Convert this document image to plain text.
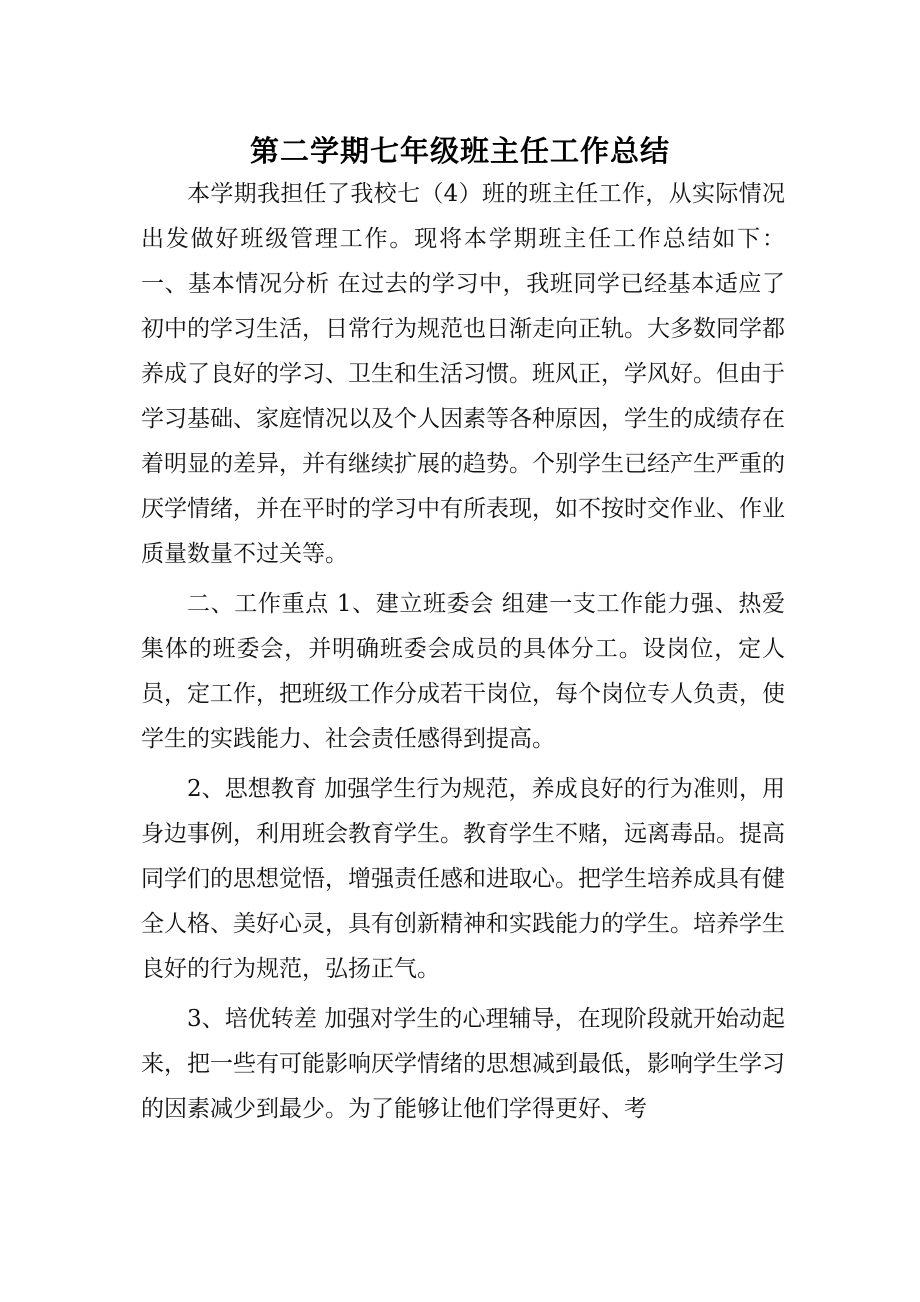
第二学期七年级班主任工作总结

本学期我担任了我校七（4）班的班主任工作，从实际情况出发做好班级管理工作。现将本学期班主任工作总结如下： 一、基本情况分析 在过去的学习中，我班同学已经基本适应了初中的学习生活，日常行为规范也日渐走向正轨。大多数同学都养成了良好的学习、卫生和生活习惯。班风正，学风好。但由于学习基础、家庭情况以及个人因素等各种原因，学生的成绩存在着明显的差异，并有继续扩展的趋势。个别学生已经产生严重的厌学情绪，并在平时的学习中有所表现，如不按时交作业、作业质量数量不过关等。

二、工作重点 1、建立班委会 组建一支工作能力强、热爱集体的班委会，并明确班委会成员的具体分工。设岗位，定人员，定工作，把班级工作分成若干岗位，每个岗位专人负责，使学生的实践能力、社会责任感得到提高。

2、思想教育 加强学生行为规范，养成良好的行为准则，用身边事例，利用班会教育学生。教育学生不赌，远离毒品。提高同学们的思想觉悟，增强责任感和进取心。把学生培养成具有健全人格、美好心灵，具有创新精神和实践能力的学生。培养学生良好的行为规范，弘扬正气。

3、培优转差 加强对学生的心理辅导，在现阶段就开始动起来，把一些有可能影响厌学情绪的思想减到最低，影响学生学习的因素减少到最少。为了能够让他们学得更好、考
